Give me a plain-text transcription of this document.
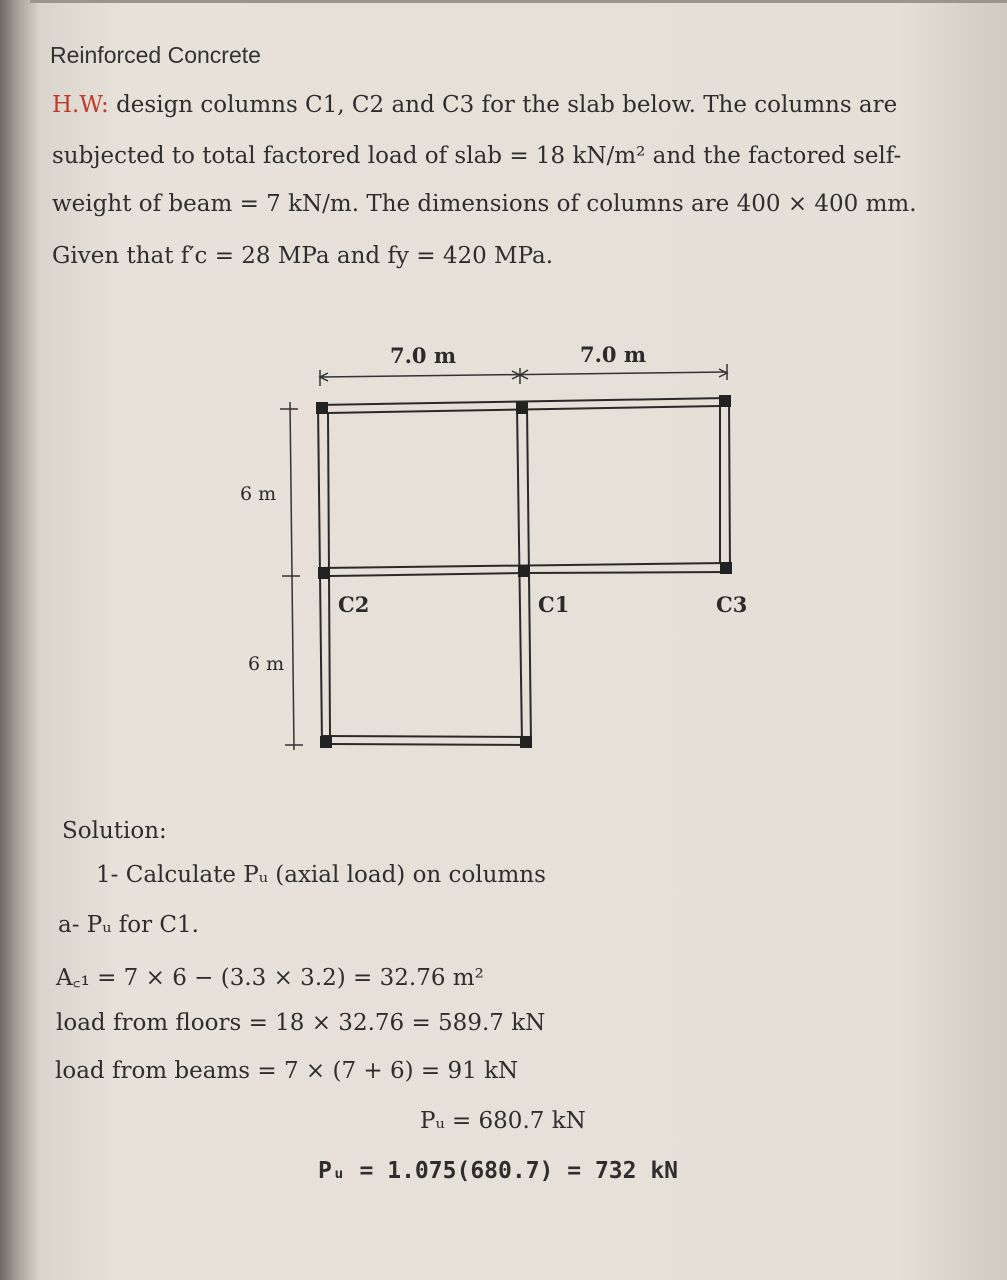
Reinforced Concrete
H.W: design columns C1, C2 and C3 for the slab below. The columns are
subjected to total factored load of slab = 18 kN/m² and the factored self-
weight of beam = 7 kN/m. The dimensions of columns are 400 × 400 mm.
Given that f′c = 28 MPa and fy = 420 MPa.
7.0 m	7.0 m
6 m
6 m
C2	C1	C3
Solution:
1- Calculate Pᵤ (axial load) on columns
a- Pᵤ for C1.
A꜀₁ = 7 × 6 − (3.3 × 3.2) = 32.76 m²
load from floors = 18 × 32.76 = 589.7 kN
load from beams = 7 × (7 + 6) = 91 kN
Pᵤ = 680.7 kN
Pᵤ = 1.075(680.7) = 732 kN
